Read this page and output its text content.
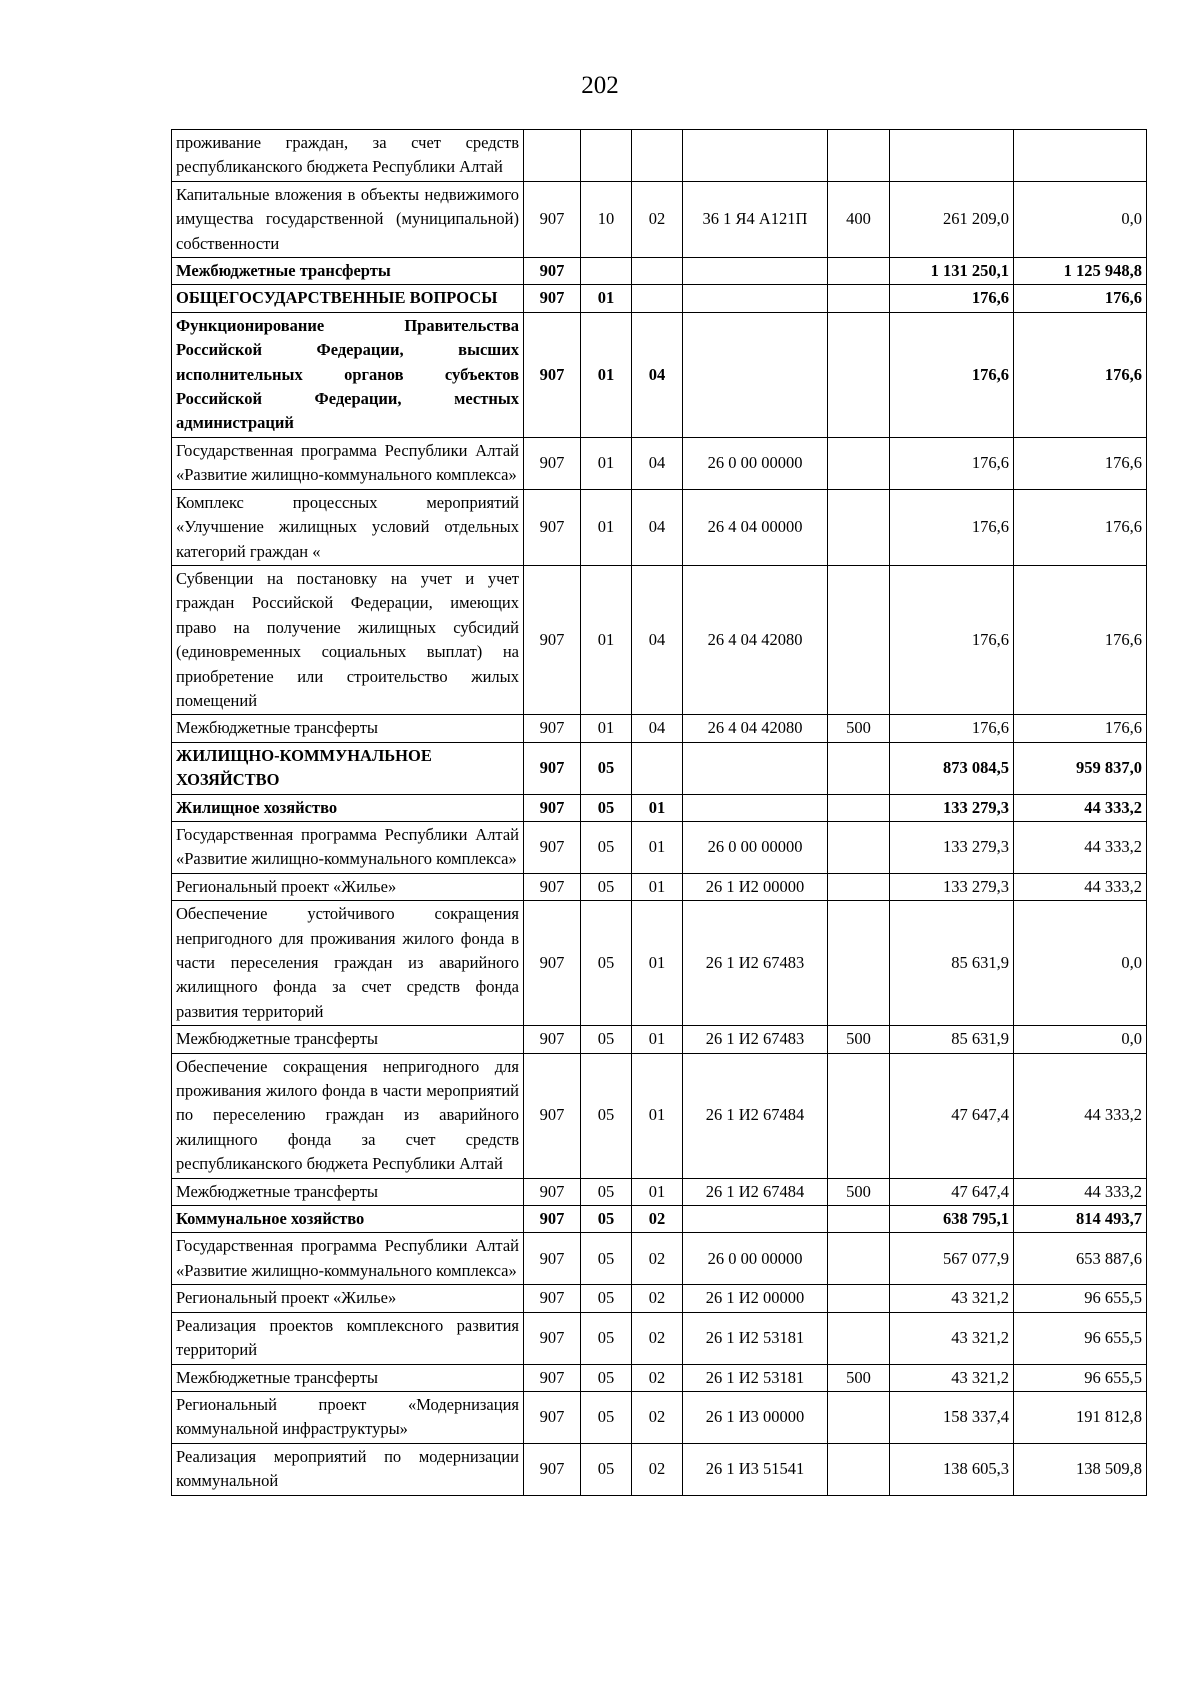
202
проживание граждан, за счет средств республиканского бюджета Республики Алтай							
Капитальные вложения в объекты недвижимого имущества государственной (муниципальной) собственности	907	10	02	36 1 Я4 А121П	400	261 209,0	0,0
Межбюджетные трансферты	907					1 131 250,1	1 125 948,8
ОБЩЕГОСУДАРСТВЕННЫЕ ВОПРОСЫ	907	01				176,6	176,6
Функционирование Правительства Российской Федерации, высших исполнительных органов субъектов Российской Федерации, местных администраций	907	01	04			176,6	176,6
Государственная программа Республики Алтай «Развитие жилищно-коммунального комплекса»	907	01	04	26 0 00 00000		176,6	176,6
Комплекс процессных мероприятий «Улучшение жилищных условий отдельных категорий граждан «	907	01	04	26 4 04 00000		176,6	176,6
Субвенции на постановку на учет и учет граждан Российской Федерации, имеющих право на получение жилищных субсидий (единовременных социальных выплат) на приобретение или строительство жилых помещений	907	01	04	26 4 04 42080		176,6	176,6
Межбюджетные трансферты	907	01	04	26 4 04 42080	500	176,6	176,6
ЖИЛИЩНО-КОММУНАЛЬНОЕ ХОЗЯЙСТВО	907	05				873 084,5	959 837,0
Жилищное хозяйство	907	05	01			133 279,3	44 333,2
Государственная программа Республики Алтай «Развитие жилищно-коммунального комплекса»	907	05	01	26 0 00 00000		133 279,3	44 333,2
Региональный проект «Жилье»	907	05	01	26 1 И2 00000		133 279,3	44 333,2
Обеспечение устойчивого сокращения непригодного для проживания жилого фонда в части переселения граждан из аварийного жилищного фонда за счет средств фонда развития территорий	907	05	01	26 1 И2 67483		85 631,9	0,0
Межбюджетные трансферты	907	05	01	26 1 И2 67483	500	85 631,9	0,0
Обеспечение сокращения непригодного для проживания жилого фонда в части мероприятий по переселению граждан из аварийного жилищного фонда за счет средств республиканского бюджета Республики Алтай	907	05	01	26 1 И2 67484		47 647,4	44 333,2
Межбюджетные трансферты	907	05	01	26 1 И2 67484	500	47 647,4	44 333,2
Коммунальное хозяйство	907	05	02			638 795,1	814 493,7
Государственная программа Республики Алтай «Развитие жилищно-коммунального комплекса»	907	05	02	26 0 00 00000		567 077,9	653 887,6
Региональный проект «Жилье»	907	05	02	26 1 И2 00000		43 321,2	96 655,5
Реализация проектов комплексного развития территорий	907	05	02	26 1 И2 53181		43 321,2	96 655,5
Межбюджетные трансферты	907	05	02	26 1 И2 53181	500	43 321,2	96 655,5
Региональный проект «Модернизация коммунальной инфраструктуры»	907	05	02	26 1 И3 00000		158 337,4	191 812,8
Реализация мероприятий по модернизации коммунальной	907	05	02	26 1 И3 51541		138 605,3	138 509,8
